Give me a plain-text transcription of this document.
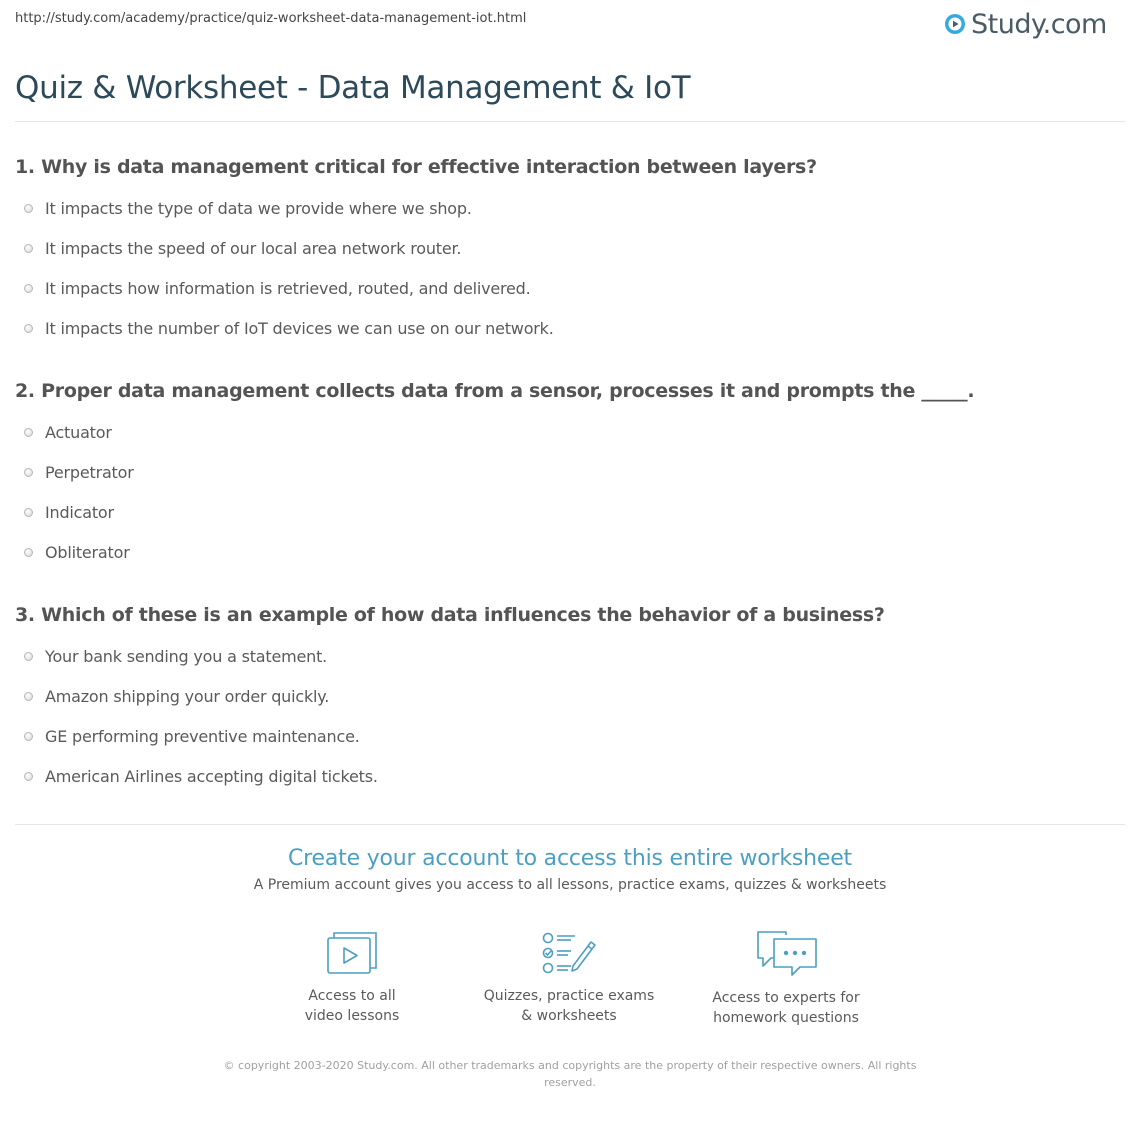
http://study.com/academy/practice/quiz-worksheet-data-management-iot.html	Study.com
Quiz & Worksheet - Data Management & IoT

1. Why is data management critical for effective interaction between layers?

It impacts the type of data we provide where we shop.
It impacts the speed of our local area network router.
It impacts how information is retrieved, routed, and delivered.
It impacts the number of IoT devices we can use on our network.

2. Proper data management collects data from a sensor, processes it and prompts the _____.

Actuator
Perpetrator
Indicator
Obliterator

3. Which of these is an example of how data influences the behavior of a business?

Your bank sending you a statement.
Amazon shipping your order quickly.
GE performing preventive maintenance.
American Airlines accepting digital tickets.
Create your account to access this entire worksheet
A Premium account gives you access to all lessons, practice exams, quizzes & worksheets
Access to all
video lessons
Quizzes, practice exams
& worksheets
Access to experts for
homework questions
© copyright 2003-2020 Study.com. All other trademarks and copyrights are the property of their respective owners. All rights reserved.
